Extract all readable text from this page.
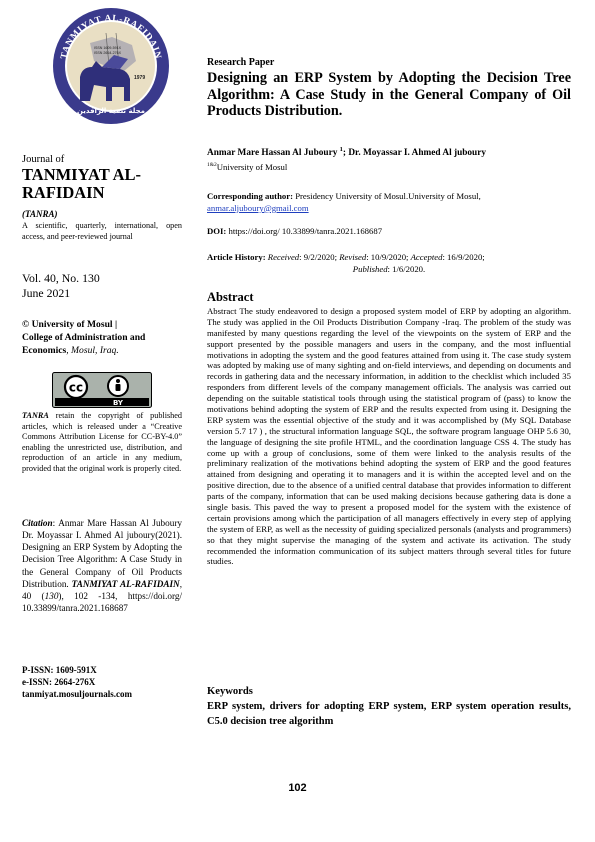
TANMIYAT AL-RAFIDAIN
ISSN 1609-591X
ISSN 2664-276X
1979
مجلة تنمية الرافدين
Journal of
TANMIYAT AL-RAFIDAIN
(TANRA)
A scientific, quarterly, international, open access, and peer-reviewed journal
Vol. 40, No. 130
June 2021
© University of Mosul |
College of Administration and Economics, Mosul, Iraq.
cc
BY
TANRA retain the copyright of published articles, which is released under a “Creative Commons Attribution License for CC-BY-4.0” enabling the unrestricted use, distribution, and reproduction of an article in any medium, provided that the original work is properly cited.
Citation: Anmar Mare Hassan Al Juboury Dr. Moyassar I. Ahmed Al juboury(2021). Designing an ERP System by Adopting the Decision Tree Algorithm: A Case Study in the General Company of Oil Products Distribution. TANMIYAT AL-RAFIDAIN, 40 (130), 102 -134, https://doi.org/ 10.33899/tanra.2021.168687
P-ISSN: 1609-591X
e-ISSN: 2664-276X
tanmiyat.mosuljournals.com
Research Paper
Designing an ERP System by Adopting the Decision Tree Algorithm: A Case Study in the General Company of Oil Products Distribution.
Anmar Mare Hassan Al Juboury $^1$; Dr. Moyassar I. Ahmed Al juboury
$^{1\&2}$University of Mosul
Corresponding author: Presidency University of Mosul.University of Mosul,
anmar.aljuboury@gmail.com
DOI: https://doi.org/ 10.33899/tanra.2021.168687
Article History: Received: 9/2/2020; Revised: 10/9/2020; Accepted: 16/9/2020;
Published: 1/6/2020.
Abstract
Abstract The study endeavored to design a proposed system model of ERP by adopting an algorithm. The study was applied in the Oil Products Distribution Company -Iraq. The problem of the study was manifested by many questions regarding the level of the viewpoints on the system of ERP and the support presented by the possible managers and users in the company, and the most influential motivations in adopting the system and the good features attained from using it. The case study system was adopted by making use of many sighting and on-field interviews, and depending on documents and records in gathering data and the necessary information, in addition to the checklist which included 35 responders from different levels of the company management officials. The analysis was carried out depending on the suitable statistical tools through using the statistical program of (pass) to know the motivations behind adopting the system of ERP and the results expected from using it. Designing the ERP system was the essential objective of the study and it was accomplished by (My SQL Database version 5.7 17 ) , the structural information language SQL, the software program language OHP 5.6 30, the language of designing the site profile HTML, and the coordination language CSS 4. The study has come up with a group of conclusions, some of them were linked to the analysis results of the preliminary realization of the motivations behind adopting the system of ERP and the good features attained from designing and operating it to managers and it is within the accepted level and on the positive direction, due to the absence of a unified central database that provides information to different parts of the company, information that can be used making decisions because gathering data is done a single basis. This paved the way to present a proposed model for the system with the existence of certain provisions among which the participation of all managers effectively in every step of applying the system of ERP, as well as the necessity of guiding specialized personals (analysts and programmers) so that they might supervise the managing of the system and activate its activation. The study recommended the information communication of its subject matters through several titles for future studies.
Keywords
ERP system, drivers for adopting ERP system, ERP system operation results, C5.0 decision tree algorithm
102
